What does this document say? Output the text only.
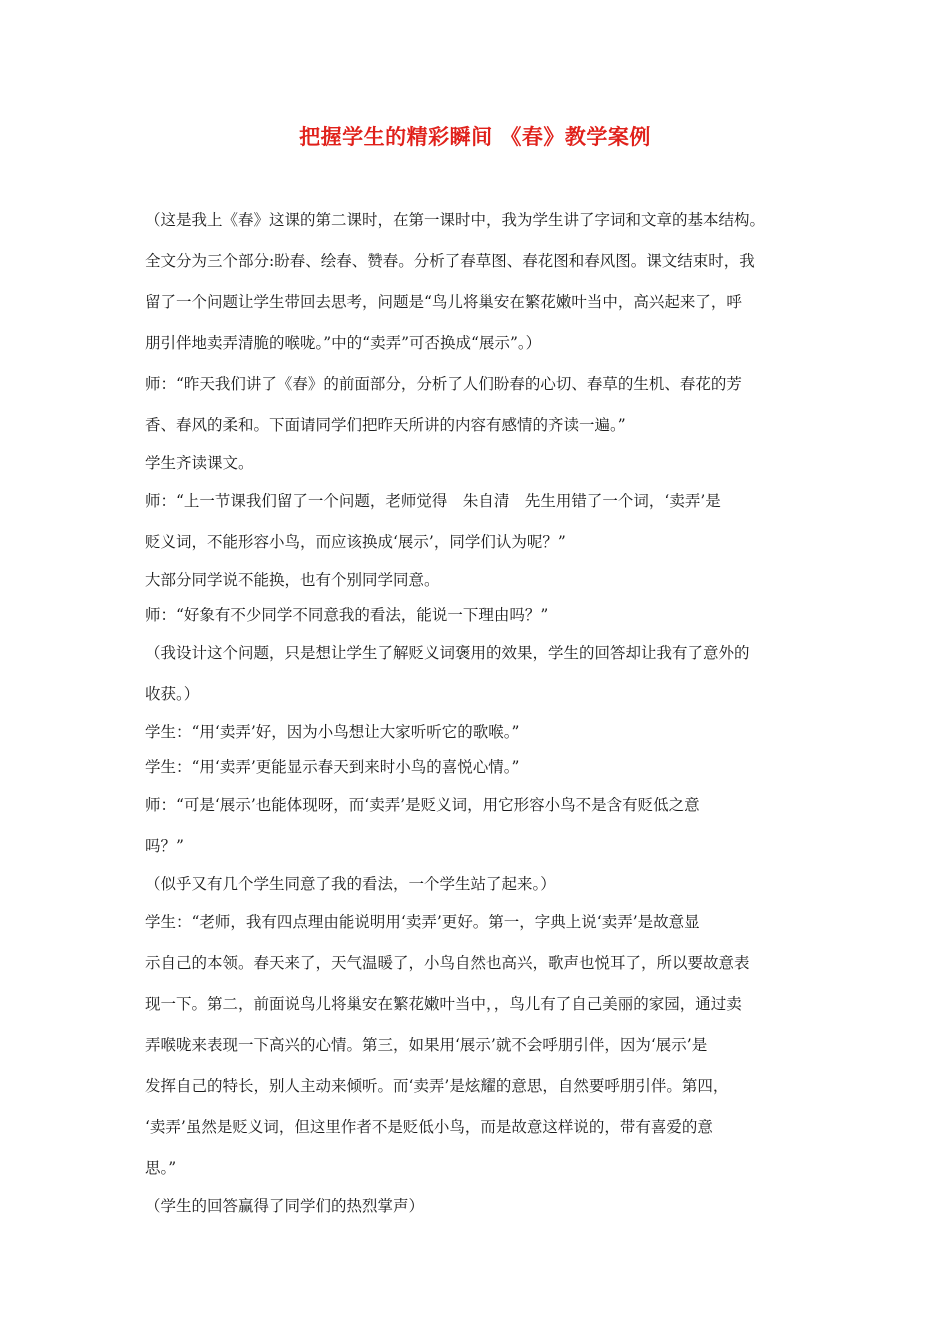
把握学生的精彩瞬间 《春》教学案例
（这是我上《春》这课的第二课时，在第一课时中，我为学生讲了字词和文章的基本结构。
全文分为三个部分:盼春、绘春、赞春。分析了春草图、春花图和春风图。课文结束时，我
留了一个问题让学生带回去思考，问题是“鸟儿将巢安在繁花嫩叶当中，高兴起来了，呼
朋引伴地卖弄清脆的喉咙。”中的“卖弄”可否换成“展示”。）
师：“昨天我们讲了《春》的前面部分，分析了人们盼春的心切、春草的生机、春花的芳
香、春风的柔和。下面请同学们把昨天所讲的内容有感情的齐读一遍。”
学生齐读课文。
师：“上一节课我们留了一个问题，老师觉得　朱自清　先生用错了一个词，‘卖弄’是
贬义词，不能形容小鸟，而应该换成‘展示’，同学们认为呢？”
大部分同学说不能换，也有个别同学同意。
师：“好象有不少同学不同意我的看法，能说一下理由吗？”
（我设计这个问题，只是想让学生了解贬义词褒用的效果，学生的回答却让我有了意外的
收获。）
学生：“用‘卖弄’好，因为小鸟想让大家听听它的歌喉。”
学生：“用‘卖弄’更能显示春天到来时小鸟的喜悦心情。”
师：“可是‘展示’也能体现呀，而‘卖弄’是贬义词，用它形容小鸟不是含有贬低之意
吗？”
（似乎又有几个学生同意了我的看法，一个学生站了起来。）
学生：“老师，我有四点理由能说明用‘卖弄’更好。第一，字典上说‘卖弄’是故意显
示自己的本领。春天来了，天气温暖了，小鸟自然也高兴，歌声也悦耳了，所以要故意表
现一下。第二，前面说鸟儿将巢安在繁花嫩叶当中，，鸟儿有了自己美丽的家园，通过卖
弄喉咙来表现一下高兴的心情。第三，如果用‘展示’就不会呼朋引伴，因为‘展示’是
发挥自己的特长，别人主动来倾听。而‘卖弄’是炫耀的意思，自然要呼朋引伴。第四，
‘卖弄’虽然是贬义词，但这里作者不是贬低小鸟，而是故意这样说的，带有喜爱的意
思。”
（学生的回答赢得了同学们的热烈掌声）
